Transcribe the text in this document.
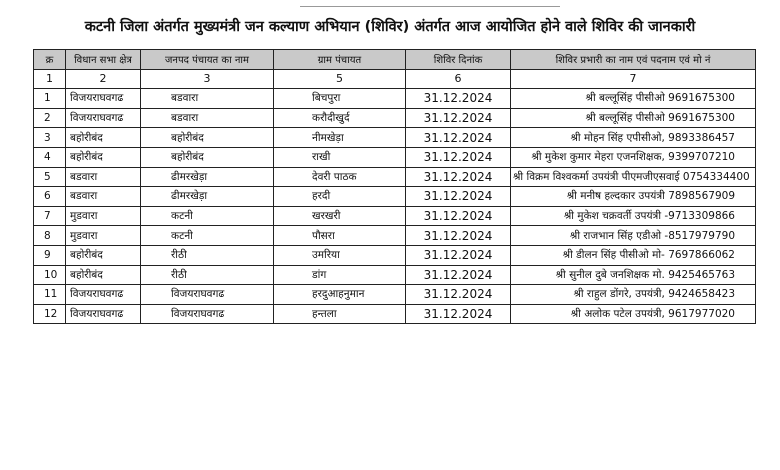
कटनी जिला अंतर्गत मुख्यमंत्री जन कल्याण अभियान (शिविर) अंतर्गत आज आयोजित होने वाले शिविर की जानकारी
क्र	विधान सभा क्षेत्र	जनपद पंचायत का नाम	ग्राम पंचायत	शिविर दिनांक	शिविर प्रभारी का नाम एवं पदनाम एवं मो नं
1	2	3	5	6	7
1	विजयराघवगढ	बडवारा	बिचपुरा	31.12.2024	श्री बल्लूसिंह पीसीओ 9691675300
2	विजयराघवगढ	बडवारा	करौदीखुर्द	31.12.2024	श्री बल्लूसिंह पीसीओ 9691675300
3	बहोरीबंद	बहोरीबंद	नीमखेड़ा	31.12.2024	श्री मोहन सिंह एपीसीओ, 9893386457
4	बहोरीबंद	बहोरीबंद	राखी	31.12.2024	श्री मुकेश कुमार मेहरा एजनशिक्षक, 9399707210
5	बडवारा	ढीमरखेड़ा	देवरी पाठक	31.12.2024	श्री विक्रम विश्वकर्मा उपयंत्री पीएमजीएसवाई 0754334400
6	बडवारा	ढीमरखेड़ा	हरदी	31.12.2024	श्री मनीष हल्दकार उपयंत्री 7898567909
7	मुडवारा	कटनी	खरखरी	31.12.2024	श्री मुकेश चक्रवर्ती उपयंत्री -9713309866
8	मुडवारा	कटनी	पौसरा	31.12.2024	श्री राजभान सिंह एडीओ -8517979790
9	बहोरीबंद	रीठी	उमरिया	31.12.2024	श्री डीलन सिंह पीसीओ मो- 7697866062
10	बहोरीबंद	रीठी	डांग	31.12.2024	श्री सुनील दुबे जनशिक्षक मो. 9425465763
11	विजयराघवगढ	विजयराघवगढ	हरदुआहनुमान	31.12.2024	श्री राहुल डोंगरे, उपयंत्री, 9424658423
12	विजयराघवगढ	विजयराघवगढ	हन्तला	31.12.2024	श्री अलोक पटेल उपयंत्री, 9617977020
